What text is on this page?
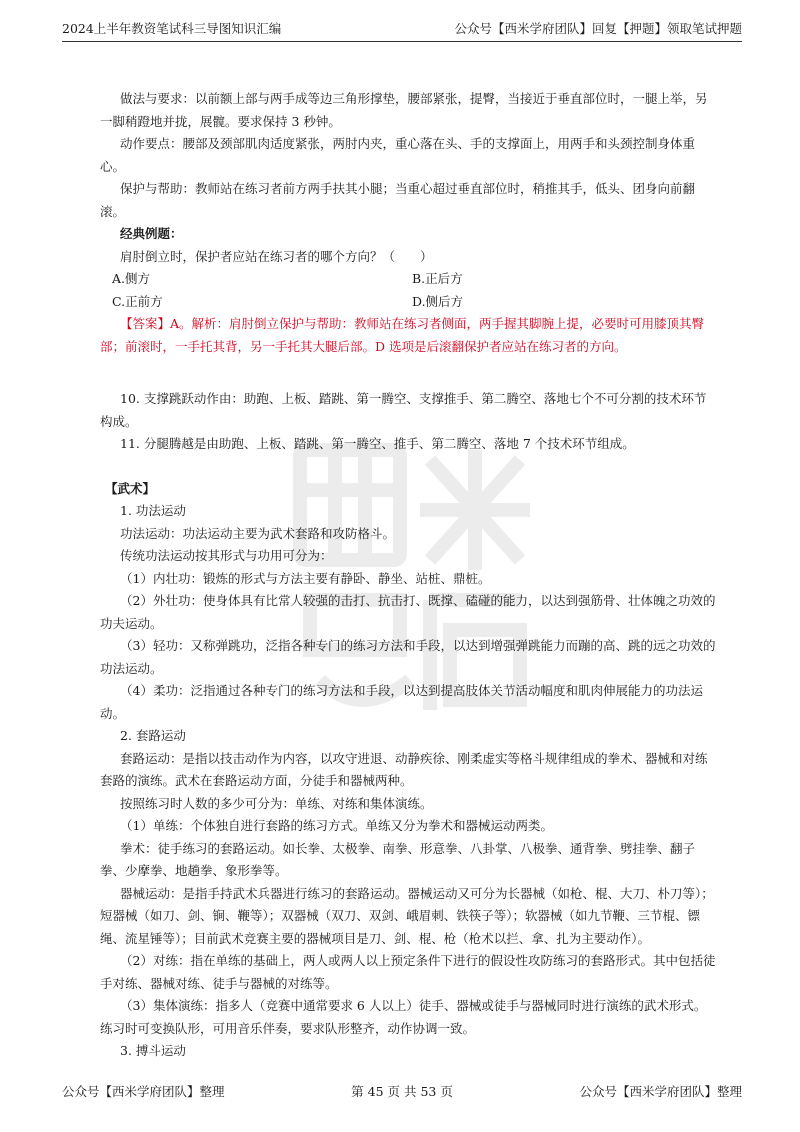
2024上半年教资笔试科三导图知识汇编	公众号【西米学府团队】回复【押题】领取笔试押题

做法与要求：以前额上部与两手成等边三角形撑垫，腰部紧张，提臀，当接近于垂直部位时，一腿上举，另一脚稍蹬地并拢，展髋。要求保持 3 秒钟。

动作要点：腰部及颈部肌肉适度紧张，两肘内夹，重心落在头、手的支撑面上，用两手和头颈控制身体重心。

保护与帮助：教师站在练习者前方两手扶其小腿；当重心超过垂直部位时，稍推其手，低头、团身向前翻滚。

经典例题：

肩肘倒立时，保护者应站在练习者的哪个方向？（　　）

A.侧方	B.正后方
C.正前方	D.侧后方

【答案】A。解析：肩肘倒立保护与帮助：教师站在练习者侧面，两手握其脚腕上提，必要时可用膝顶其臀部；前滚时，一手托其背，另一手托其大腿后部。D 选项是后滚翻保护者应站在练习者的方向。

10. 支撑跳跃动作由：助跑、上板、踏跳、第一腾空、支撑推手、第二腾空、落地七个不可分割的技术环节构成。

11. 分腿腾越是由助跑、上板、踏跳、第一腾空、推手、第二腾空、落地 7 个技术环节组成。

【武术】

1. 功法运动

功法运动：功法运动主要为武术套路和攻防格斗。

传统功法运动按其形式与功用可分为：

（1）内壮功：锻炼的形式与方法主要有静卧、静坐、站桩、鼎桩。

（2）外壮功：使身体具有比常人较强的击打、抗击打、既撑、磕碰的能力，以达到强筋骨、壮体魄之功效的功夫运动。

（3）轻功：又称弹跳功，泛指各种专门的练习方法和手段，以达到增强弹跳能力而蹦的高、跳的远之功效的功法运动。

（4）柔功：泛指通过各种专门的练习方法和手段，以达到提高肢体关节活动幅度和肌肉伸展能力的功法运动。

2. 套路运动

套路运动：是指以技击动作为内容，以攻守进退、动静疾徐、刚柔虚实等格斗规律组成的拳术、器械和对练套路的演练。武术在套路运动方面，分徒手和器械两种。

按照练习时人数的多少可分为：单练、对练和集体演练。

（1）单练：个体独自进行套路的练习方式。单练又分为拳术和器械运动两类。

拳术：徒手练习的套路运动。如长拳、太极拳、南拳、形意拳、八卦掌、八极拳、通背拳、劈挂拳、翻子拳、少摩拳、地趟拳、象形拳等。

器械运动：是指手持武术兵器进行练习的套路运动。器械运动又可分为长器械（如枪、棍、大刀、朴刀等）；短器械（如刀、剑、锏、鞭等）；双器械（双刀、双剑、峨眉刺、铁筷子等）；软器械（如九节鞭、三节棍、镖绳、流星锤等）；目前武术竞赛主要的器械项目是刀、剑、棍、枪（枪术以拦、拿、扎为主要动作）。

（2）对练：指在单练的基础上，两人或两人以上预定条件下进行的假设性攻防练习的套路形式。其中包括徒手对练、器械对练、徒手与器械的对练等。

（3）集体演练：指多人（竞赛中通常要求 6 人以上）徒手、器械或徒手与器械同时进行演练的武术形式。练习时可变换队形，可用音乐伴奏，要求队形整齐，动作协调一致。

3. 搏斗运动

公众号【西米学府团队】整理	第 45 页 共 53 页	公众号【西米学府团队】整理
